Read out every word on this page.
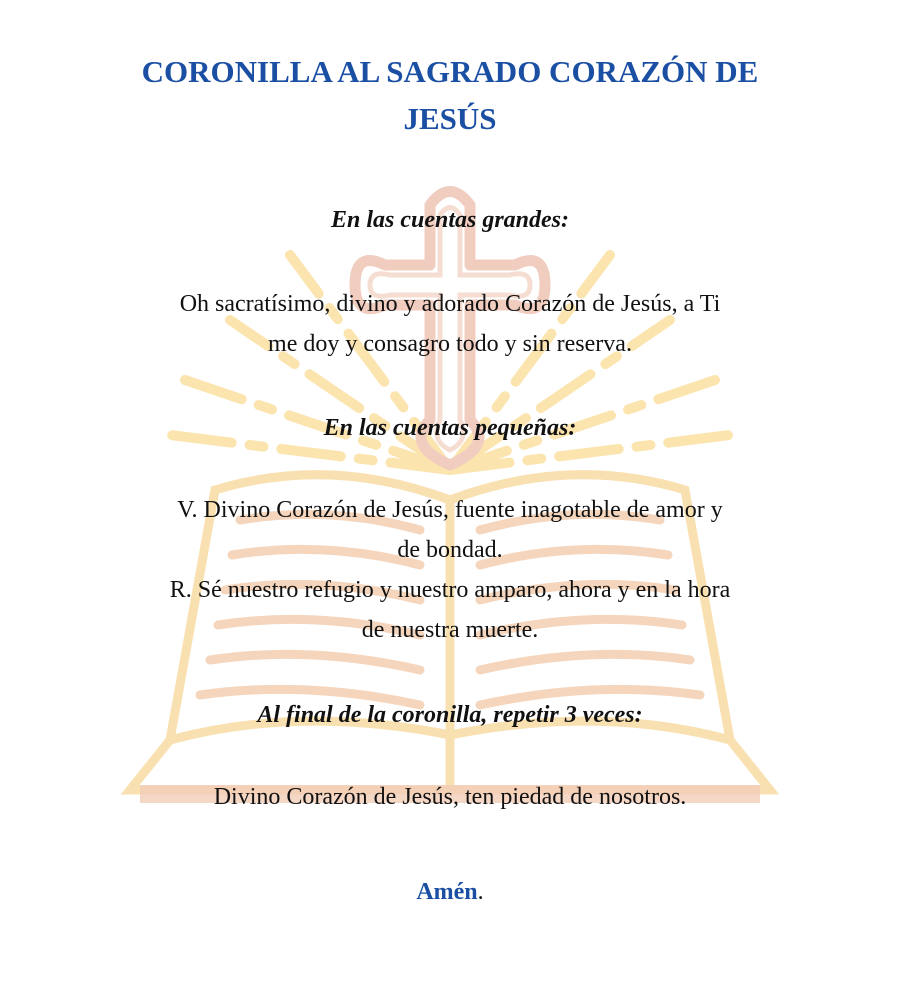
CORONILLA AL SAGRADO CORAZÓN DE JESÚS

En las cuentas grandes:

Oh sacratísimo, divino y adorado Corazón de Jesús, a Ti
me doy y consagro todo y sin reserva.

En las cuentas pequeñas:

V. Divino Corazón de Jesús, fuente inagotable de amor y
de bondad.
R. Sé nuestro refugio y nuestro amparo, ahora y en la hora
de nuestra muerte.

Al final de la coronilla, repetir 3 veces:

Divino Corazón de Jesús, ten piedad de nosotros.

Amén.
